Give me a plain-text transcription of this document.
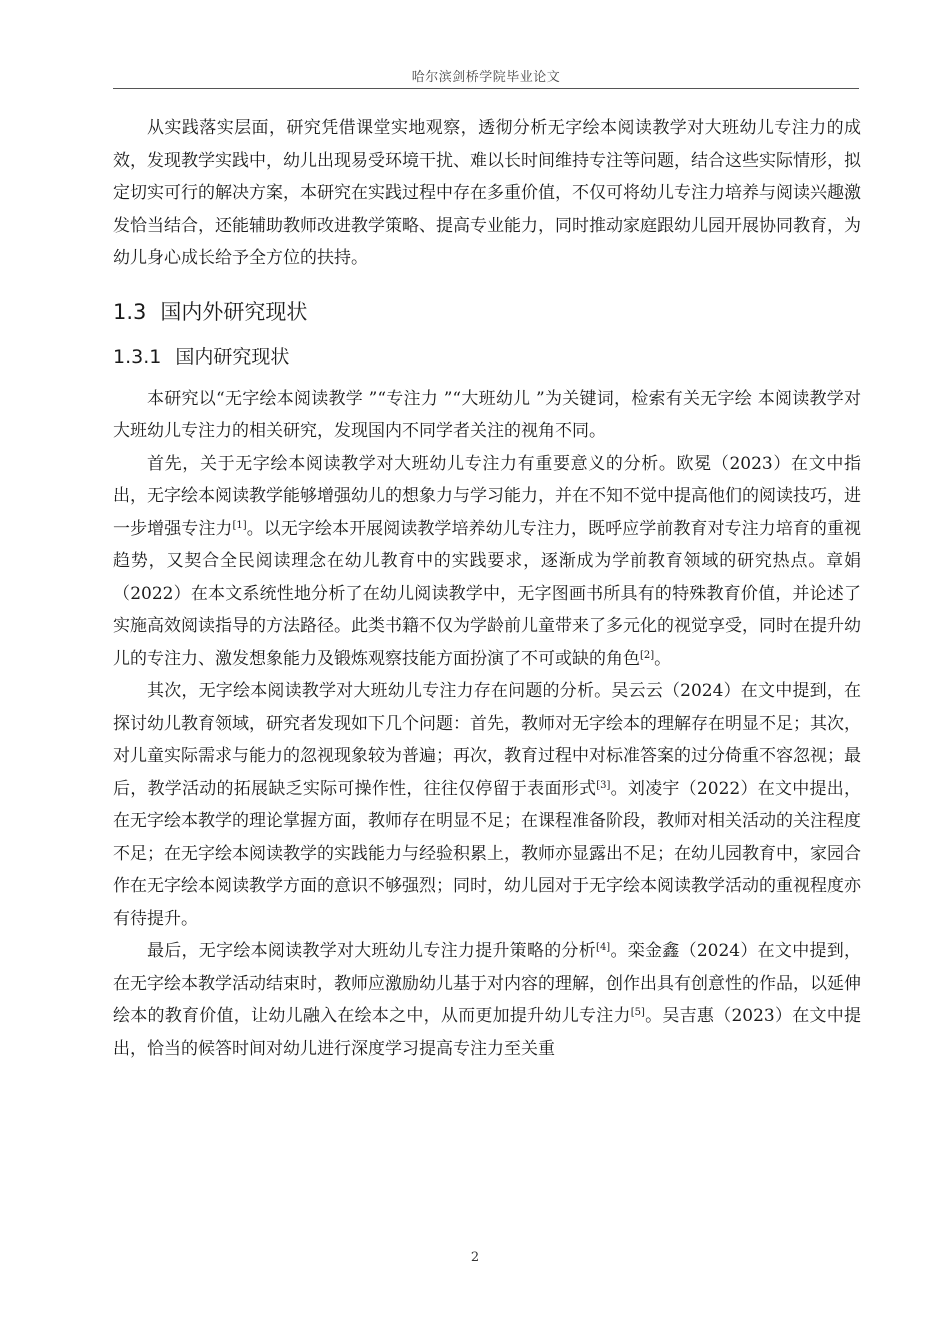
哈尔滨剑桥学院毕业论文

从实践落实层面，研究凭借课堂实地观察，透彻分析无字绘本阅读教学对大班幼儿专注力的成效，发现教学实践中，幼儿出现易受环境干扰、难以长时间维持专注等问题，结合这些实际情形，拟定切实可行的解决方案，本研究在实践过程中存在多重价值，不仅可将幼儿专注力培养与阅读兴趣激发恰当结合，还能辅助教师改进教学策略、提高专业能力，同时推动家庭跟幼儿园开展协同教育，为幼儿身心成长给予全方位的扶持。

1.3 国内外研究现状
1.3.1 国内研究现状

本研究以“无字绘本阅读教学 ”“专注力 ”“大班幼儿 ”为关键词，检索有关无字绘 本阅读教学对大班幼儿专注力的相关研究，发现国内不同学者关注的视角不同。

首先，关于无字绘本阅读教学对大班幼儿专注力有重要意义的分析。欧冕（2023）在文中指出，无字绘本阅读教学能够增强幼儿的想象力与学习能力，并在不知不觉中提高他们的阅读技巧，进一步增强专注力[1]。以无字绘本开展阅读教学培养幼儿专注力，既呼应学前教育对专注力培育的重视趋势，又契合全民阅读理念在幼儿教育中的实践要求，逐渐成为学前教育领域的研究热点。章娟（2022）在本文系统性地分析了在幼儿阅读教学中，无字图画书所具有的特殊教育价值，并论述了实施高效阅读指导的方法路径。此类书籍不仅为学龄前儿童带来了多元化的视觉享受，同时在提升幼儿的专注力、激发想象能力及锻炼观察技能方面扮演了不可或缺的角色[2]。

其次，无字绘本阅读教学对大班幼儿专注力存在问题的分析。吴云云（2024）在文中提到，在探讨幼儿教育领域，研究者发现如下几个问题：首先，教师对无字绘本的理解存在明显不足；其次，对儿童实际需求与能力的忽视现象较为普遍；再次，教育过程中对标准答案的过分倚重不容忽视；最后，教学活动的拓展缺乏实际可操作性，往往仅停留于表面形式[3]。刘凌宇（2022）在文中提出，在无字绘本教学的理论掌握方面，教师存在明显不足；在课程准备阶段，教师对相关活动的关注程度不足；在无字绘本阅读教学的实践能力与经验积累上，教师亦显露出不足；在幼儿园教育中，家园合作在无字绘本阅读教学方面的意识不够强烈；同时，幼儿园对于无字绘本阅读教学活动的重视程度亦有待提升。

最后，无字绘本阅读教学对大班幼儿专注力提升策略的分析[4]。栾金鑫（2024）在文中提到，在无字绘本教学活动结束时，教师应激励幼儿基于对内容的理解，创作出具有创意性的作品，以延伸绘本的教育价值，让幼儿融入在绘本之中，从而更加提升幼儿专注力[5]。吴吉惠（2023）在文中提出，恰当的候答时间对幼儿进行深度学习提高专注力至关重

2
